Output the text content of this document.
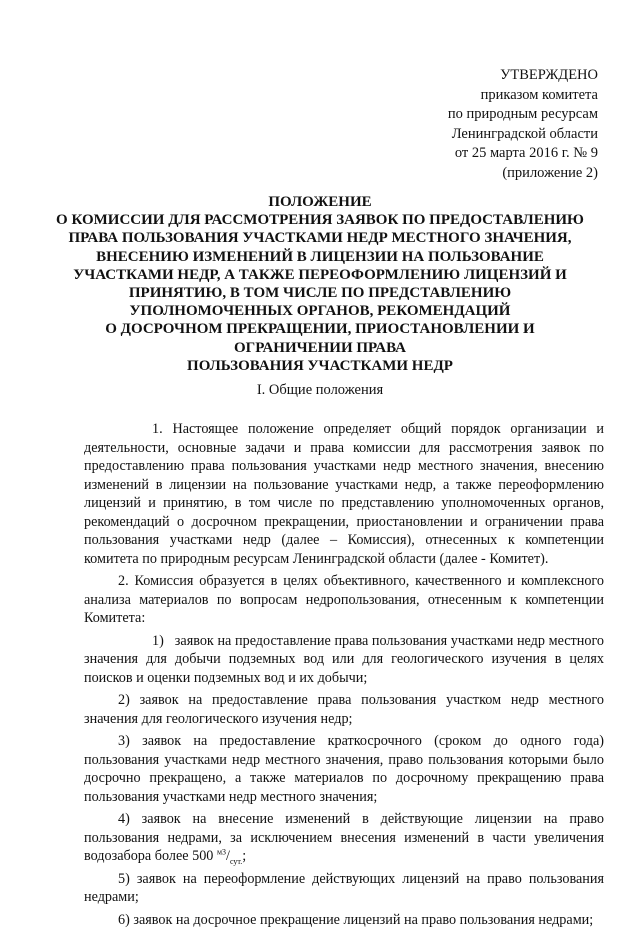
УТВЕРЖДЕНО
приказом комитета
по природным ресурсам
Ленинградской области
от 25 марта 2016 г. № 9
(приложение 2)
ПОЛОЖЕНИЕ
О КОМИССИИ ДЛЯ РАССМОТРЕНИЯ ЗАЯВОК ПО ПРЕДОСТАВЛЕНИЮ
ПРАВА ПОЛЬЗОВАНИЯ УЧАСТКАМИ НЕДР МЕСТНОГО ЗНАЧЕНИЯ,
ВНЕСЕНИЮ ИЗМЕНЕНИЙ В ЛИЦЕНЗИИ НА ПОЛЬЗОВАНИЕ
УЧАСТКАМИ НЕДР, А ТАКЖЕ ПЕРЕОФОРМЛЕНИЮ ЛИЦЕНЗИЙ И
ПРИНЯТИЮ, В ТОМ ЧИСЛЕ ПО ПРЕДСТАВЛЕНИЮ
УПОЛНОМОЧЕННЫХ ОРГАНОВ, РЕКОМЕНДАЦИЙ
О ДОСРОЧНОМ ПРЕКРАЩЕНИИ, ПРИОСТАНОВЛЕНИИ И
ОГРАНИЧЕНИИ ПРАВА
ПОЛЬЗОВАНИЯ УЧАСТКАМИ НЕДР
I. Общие положения

1. Настоящее положение определяет общий порядок организации и деятельности, основные задачи и права комиссии для рассмотрения заявок по предоставлению права пользования участками недр местного значения, внесению изменений в лицензии на пользование участками недр, а также переоформлению лицензий и принятию, в том числе по представлению уполномоченных органов, рекомендаций о досрочном прекращении, приостановлении и ограничении права пользования участками недр (далее – Комиссия), отнесенных к компетенции комитета по природным ресурсам Ленинградской области (далее - Комитет).

2. Комиссия образуется в целях объективного, качественного и комплексного анализа материалов по вопросам недропользования, отнесенным к компетенции Комитета:

1) заявок на предоставление права пользования участками недр местного значения для добычи подземных вод или для геологического изучения в целях поисков и оценки подземных вод и их добычи;

2) заявок на предоставление права пользования участком недр местного значения для геологического изучения недр;

3) заявок на предоставление краткосрочного (сроком до одного года) пользования участками недр местного значения, право пользования которыми было досрочно прекращено, а также материалов по досрочному прекращению права пользования участками недр местного значения;

4) заявок на внесение изменений в действующие лицензии на право пользования недрами, за исключением внесения изменений в части увеличения водозабора более 500 $^{м3}/_{сут.}$;

5) заявок на переоформление действующих лицензий на право пользования недрами;

6) заявок на досрочное прекращение лицензий на право пользования недрами;
